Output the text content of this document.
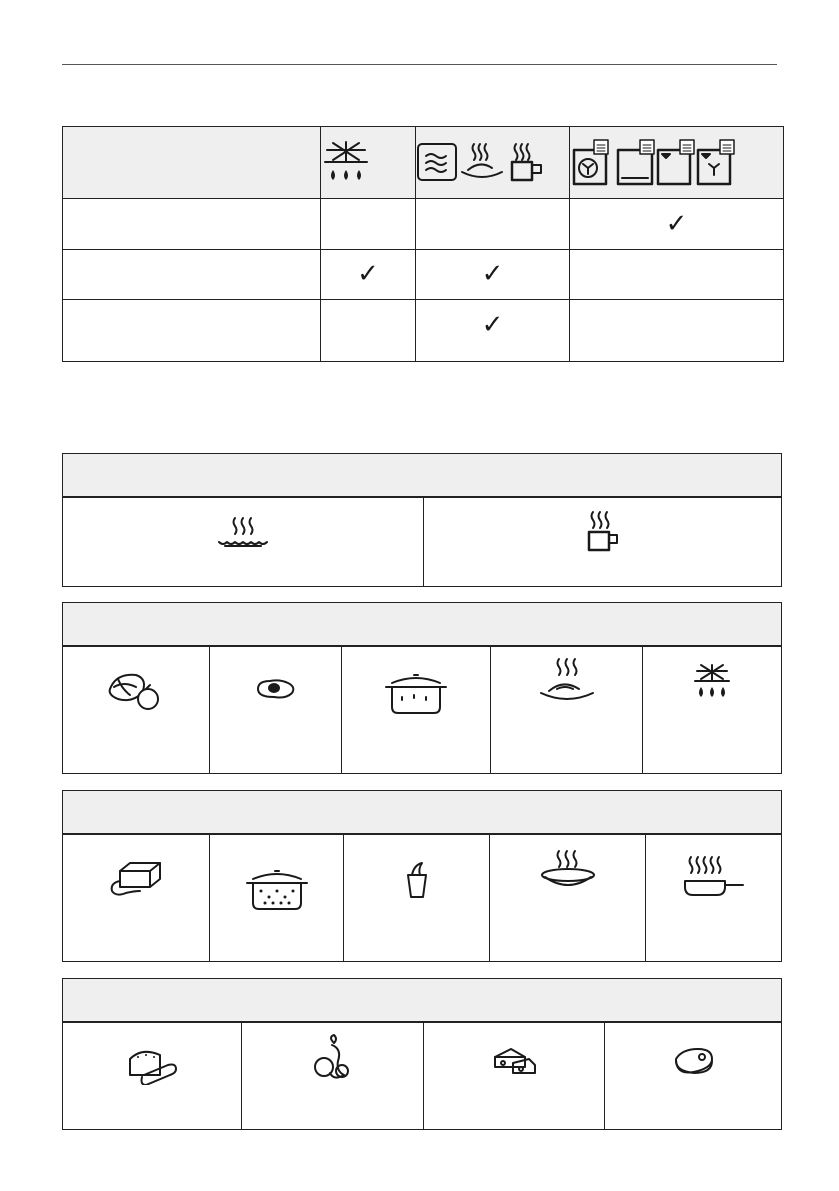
			✓
	✓	✓	
		✓	
